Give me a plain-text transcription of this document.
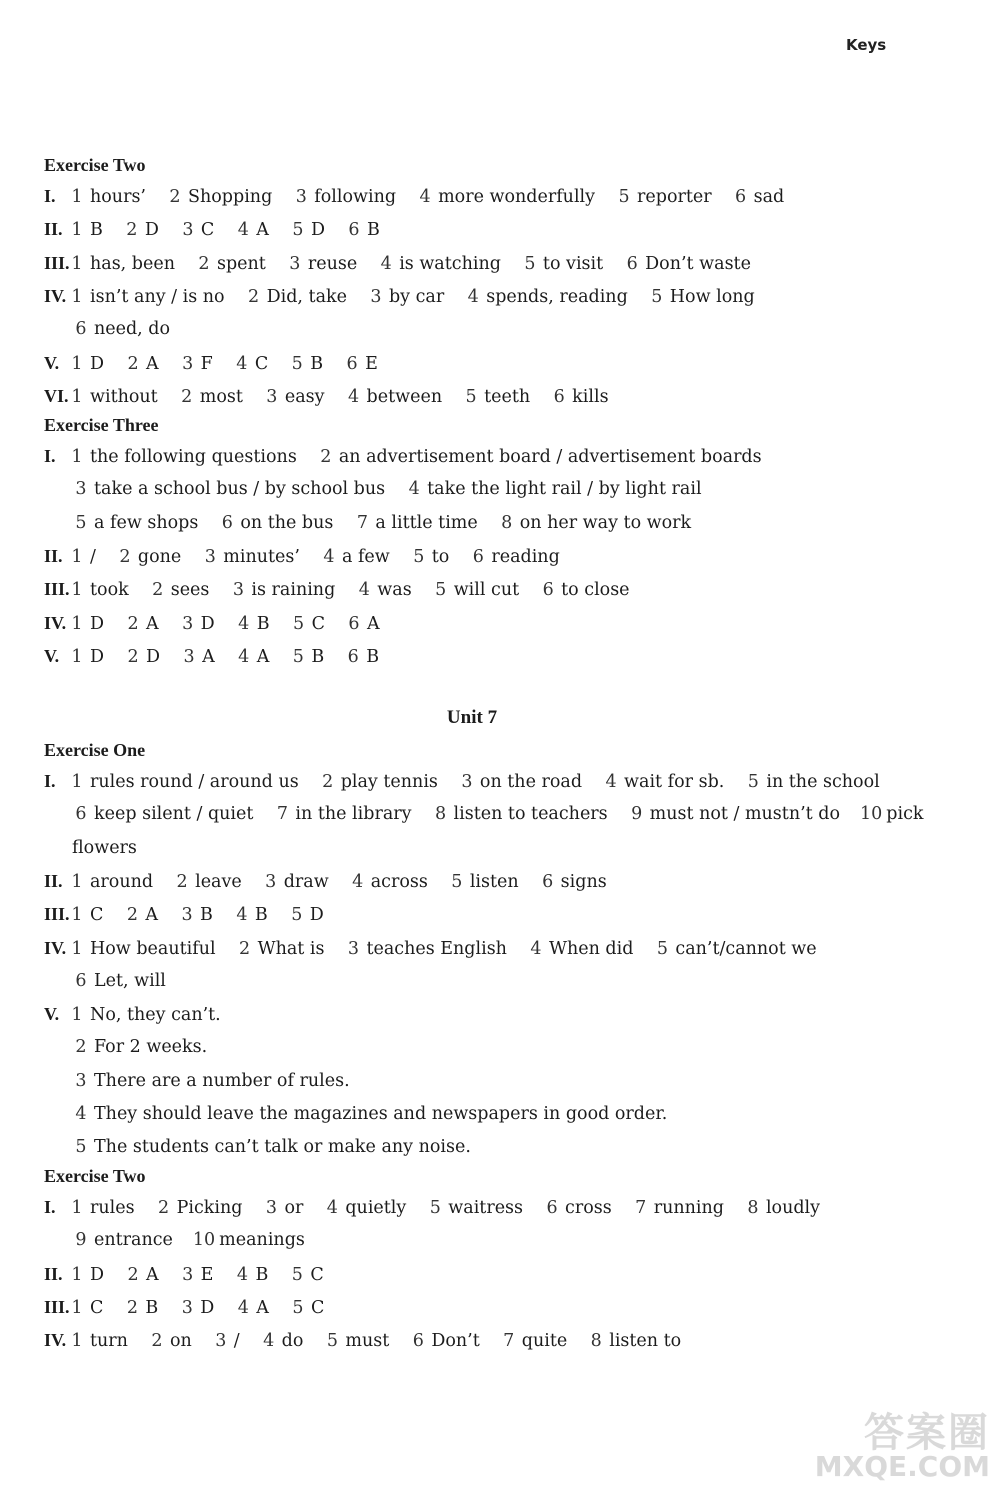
Keys
Exercise Two
I. 1 hours’ 2 Shopping 3 following 4 more wonderfully 5 reporter 6 sad
II. 1 B 2 D 3 C 4 A 5 D 6 B
III. 1 has, been 2 spent 3 reuse 4 is watching 5 to visit 6 Don’t waste
IV. 1 isn’t any / is no 2 Did, take 3 by car 4 spends, reading 5 How long
6 need, do
V. 1 D 2 A 3 F 4 C 5 B 6 E
VI. 1 without 2 most 3 easy 4 between 5 teeth 6 kills
Exercise Three
I. 1 the following questions 2 an advertisement board / advertisement boards
3 take a school bus / by school bus 4 take the light rail / by light rail
5 a few shops 6 on the bus 7 a little time 8 on her way to work
II. 1 / 2 gone 3 minutes’ 4 a few 5 to 6 reading
III. 1 took 2 sees 3 is raining 4 was 5 will cut 6 to close
IV. 1 D 2 A 3 D 4 B 5 C 6 A
V. 1 D 2 D 3 A 4 A 5 B 6 B
Unit 7
Exercise One
I. 1 rules round / around us 2 play tennis 3 on the road 4 wait for sb. 5 in the school
6 keep silent / quiet 7 in the library 8 listen to teachers 9 must not / mustn’t do 10 pick
flowers
II. 1 around 2 leave 3 draw 4 across 5 listen 6 signs
III. 1 C 2 A 3 B 4 B 5 D
IV. 1 How beautiful 2 What is 3 teaches English 4 When did 5 can’t/cannot we
6 Let, will
V. 1 No, they can’t.
2 For 2 weeks.
3 There are a number of rules.
4 They should leave the magazines and newspapers in good order.
5 The students can’t talk or make any noise.
Exercise Two
I. 1 rules 2 Picking 3 or 4 quietly 5 waitress 6 cross 7 running 8 loudly
9 entrance 10 meanings
II. 1 D 2 A 3 E 4 B 5 C
III. 1 C 2 B 3 D 4 A 5 C
IV. 1 turn 2 on 3 / 4 do 5 must 6 Don’t 7 quite 8 listen to
答案圈
MXQE.COM
